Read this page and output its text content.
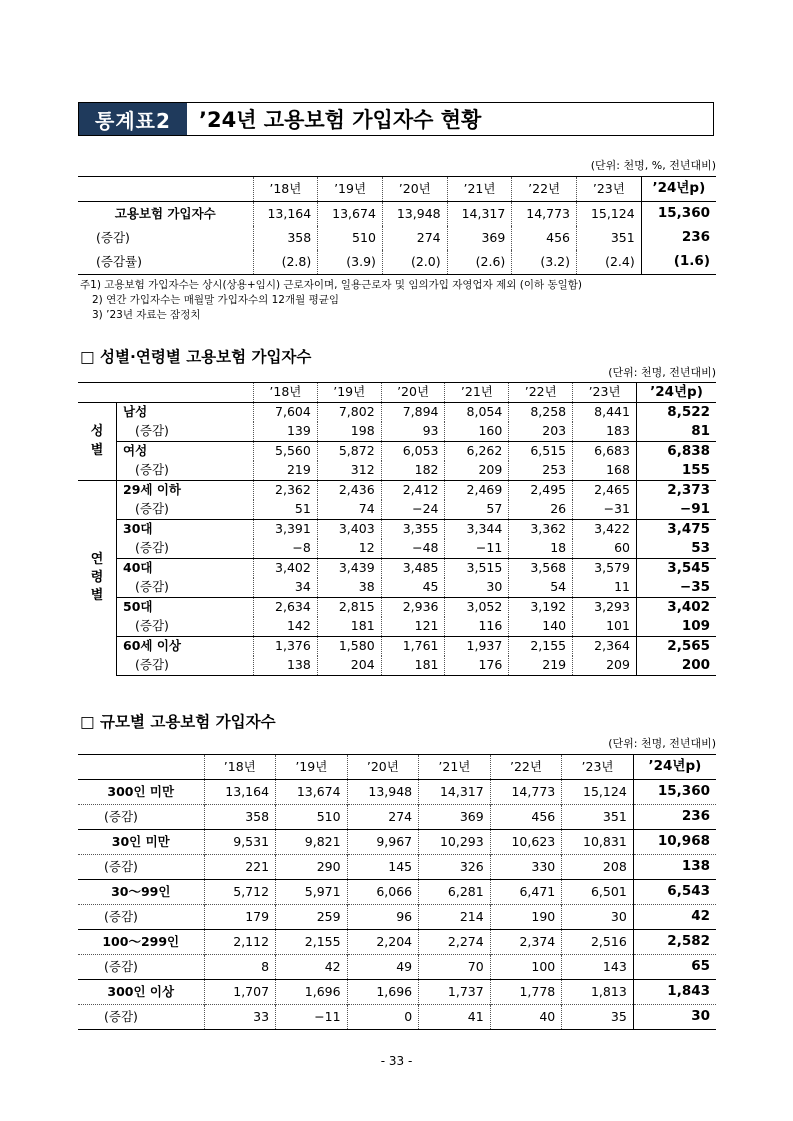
통계표2	’24년 고용보험 가입자수 현황
(단위: 천명, %, 전년대비)
	’18년	’19년	’20년	’21년	’22년	’23년	’24년p)
고용보험 가입자수	13,164	13,674	13,948	14,317	14,773	15,124	15,360
(증감)	358	510	274	369	456	351	236
(증감률)	(2.8)	(3.9)	(2.0)	(2.6)	(3.2)	(2.4)	(1.6)
주1) 고용보험 가입자수는 상시(상용+임시) 근로자이며, 일용근로자 및 임의가입 자영업자 제외 (이하 동일함)
2) 연간 가입자수는 매월말 가입자수의 12개월 평균임
3) ’23년 자료는 잠정치
□ 성별·연령별 고용보험 가입자수
(단위: 천명, 전년대비)
		’18년	’19년	’20년	’21년	’22년	’23년	’24년p)
성
별	남성	7,604	7,802	7,894	8,054	8,258	8,441	8,522
	(증감)	139	198	93	160	203	183	81
	여성	5,560	5,872	6,053	6,262	6,515	6,683	6,838
	(증감)	219	312	182	209	253	168	155
연
령
별	29세 이하	2,362	2,436	2,412	2,469	2,495	2,465	2,373
	(증감)	51	74	−24	57	26	−31	−91
	30대	3,391	3,403	3,355	3,344	3,362	3,422	3,475
	(증감)	−8	12	−48	−11	18	60	53
	40대	3,402	3,439	3,485	3,515	3,568	3,579	3,545
	(증감)	34	38	45	30	54	11	−35
	50대	2,634	2,815	2,936	3,052	3,192	3,293	3,402
	(증감)	142	181	121	116	140	101	109
	60세 이상	1,376	1,580	1,761	1,937	2,155	2,364	2,565
	(증감)	138	204	181	176	219	209	200
□ 규모별 고용보험 가입자수
(단위: 천명, 전년대비)
	’18년	’19년	’20년	’21년	’22년	’23년	’24년p)
300인 미만	13,164	13,674	13,948	14,317	14,773	15,124	15,360
(증감)	358	510	274	369	456	351	236
30인 미만	9,531	9,821	9,967	10,293	10,623	10,831	10,968
(증감)	221	290	145	326	330	208	138
30～99인	5,712	5,971	6,066	6,281	6,471	6,501	6,543
(증감)	179	259	96	214	190	30	42
100～299인	2,112	2,155	2,204	2,274	2,374	2,516	2,582
(증감)	8	42	49	70	100	143	65
300인 이상	1,707	1,696	1,696	1,737	1,778	1,813	1,843
(증감)	33	−11	0	41	40	35	30
- 33 -
